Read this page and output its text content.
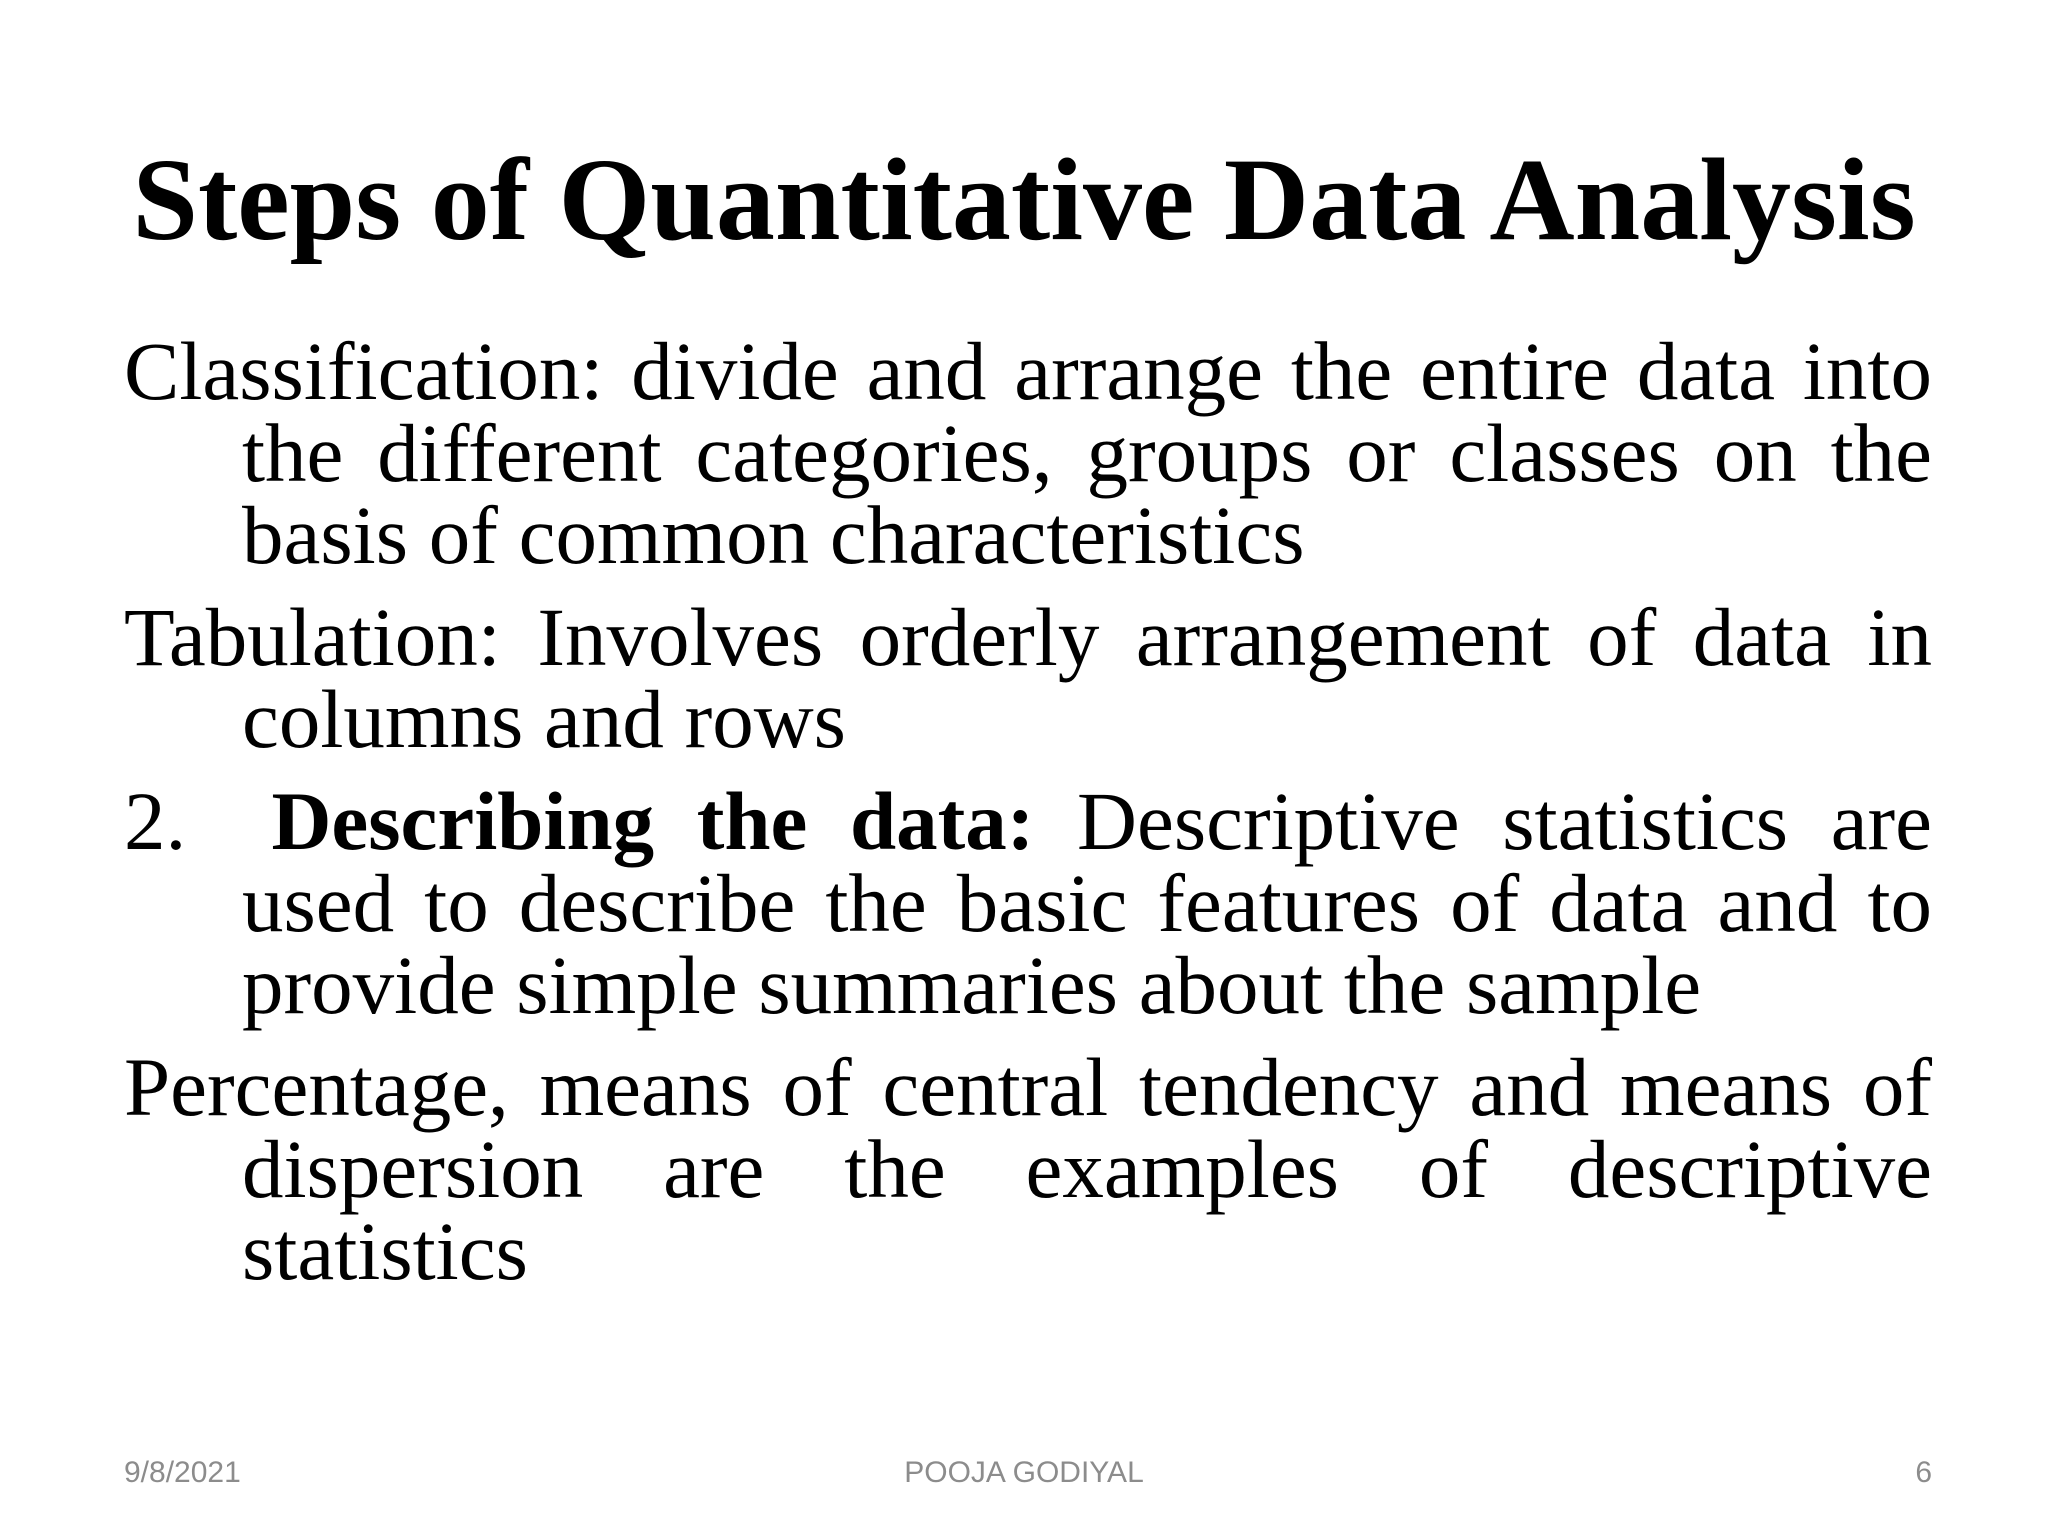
Steps of Quantitative Data Analysis

Classification: divide and arrange the entire data into the different categories, groups or classes on the basis of common characteristics

Tabulation: Involves orderly arrangement of data in columns and rows

2. Describing the data: Descriptive statistics are used to describe the basic features of data and to provide simple summaries about the sample

Percentage, means of central tendency and means of dispersion are the examples of descriptive statistics

9/8/2021	POOJA GODIYAL	6
